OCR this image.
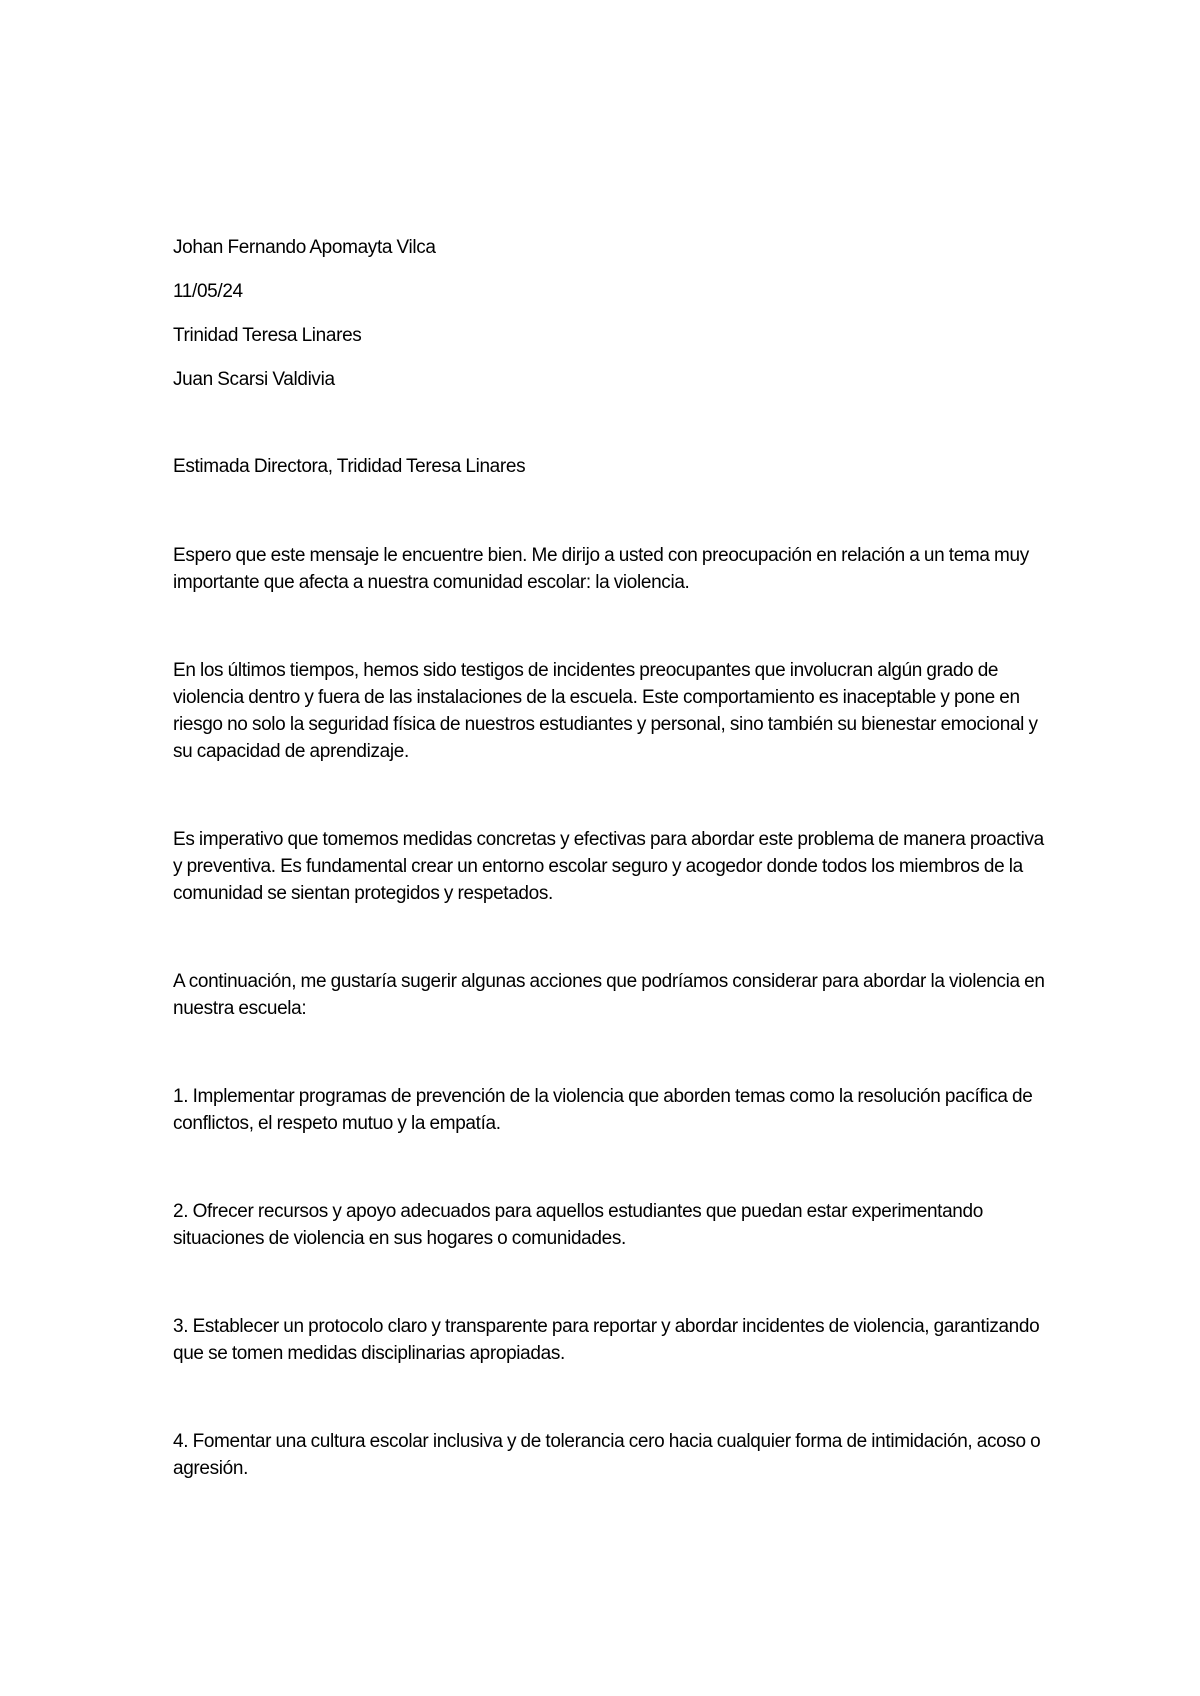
Johan Fernando Apomayta Vilca
11/05/24
Trinidad Teresa Linares
Juan Scarsi Valdivia
Estimada Directora, Trididad Teresa Linares

Espero que este mensaje le encuentre bien. Me dirijo a usted con preocupación en relación a un tema muy importante que afecta a nuestra comunidad escolar: la violencia.

En los últimos tiempos, hemos sido testigos de incidentes preocupantes que involucran algún grado de violencia dentro y fuera de las instalaciones de la escuela. Este comportamiento es inaceptable y pone en riesgo no solo la seguridad física de nuestros estudiantes y personal, sino también su bienestar emocional y su capacidad de aprendizaje.

Es imperativo que tomemos medidas concretas y efectivas para abordar este problema de manera proactiva y preventiva. Es fundamental crear un entorno escolar seguro y acogedor donde todos los miembros de la comunidad se sientan protegidos y respetados.

A continuación, me gustaría sugerir algunas acciones que podríamos considerar para abordar la violencia en nuestra escuela:

1. Implementar programas de prevención de la violencia que aborden temas como la resolución pacífica de conflictos, el respeto mutuo y la empatía.

2. Ofrecer recursos y apoyo adecuados para aquellos estudiantes que puedan estar experimentando situaciones de violencia en sus hogares o comunidades.

3. Establecer un protocolo claro y transparente para reportar y abordar incidentes de violencia, garantizando que se tomen medidas disciplinarias apropiadas.

4. Fomentar una cultura escolar inclusiva y de tolerancia cero hacia cualquier forma de intimidación, acoso o agresión.
